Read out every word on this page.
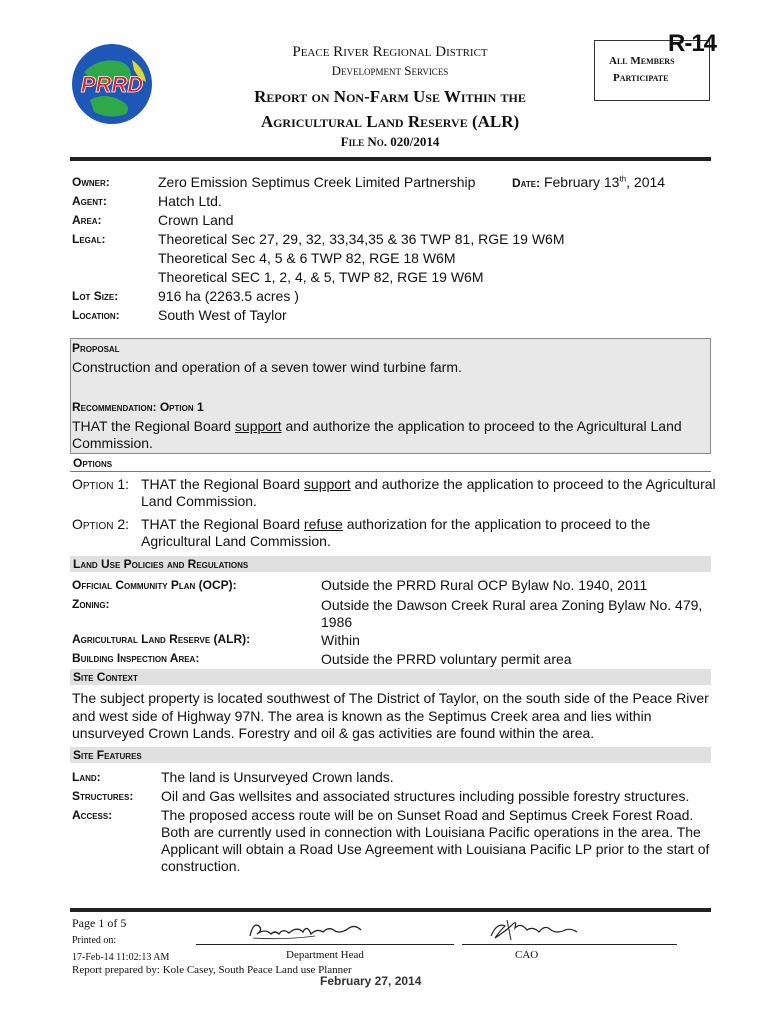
PRRD
Peace River Regional District
Development Services
Report on Non-Farm Use Within the
Agricultural Land Reserve (ALR)
File No. 020/2014
All Members
Participate
R-14
Owner:	Zero Emission Septimus Creek Limited Partnership	Date: February 13th, 2014
Agent:	Hatch Ltd.
Area:	Crown Land
Legal:	Theoretical Sec 27, 29, 32, 33,34,35 & 36 TWP 81, RGE 19 W6M
Theoretical Sec 4, 5 & 6 TWP 82, RGE 18 W6M
Theoretical SEC 1, 2, 4, & 5, TWP 82, RGE 19 W6M
Lot Size:	916 ha (2263.5 acres )
Location:	South West of Taylor
Proposal
Construction and operation of a seven tower wind turbine farm.
Recommendation: Option 1
THAT the Regional Board support and authorize the application to proceed to the Agricultural Land
Commission.
Options
Option 1: THAT the Regional Board support and authorize the application to proceed to the Agricultural
Land Commission.
Option 2: THAT the Regional Board refuse authorization for the application to proceed to the
Agricultural Land Commission.
Land Use Policies and Regulations
Official Community Plan (OCP):	Outside the PRRD Rural OCP Bylaw No. 1940, 2011
Zoning:	Outside the Dawson Creek Rural area Zoning Bylaw No. 479,
1986
Agricultural Land Reserve (ALR):	Within
Building Inspection Area:	Outside the PRRD voluntary permit area
Site Context
The subject property is located southwest of The District of Taylor, on the south side of the Peace River
and west side of Highway 97N. The area is known as the Septimus Creek area and lies within
unsurveyed Crown Lands. Forestry and oil & gas activities are found within the area.
Site Features
Land:	The land is Unsurveyed Crown lands.
Structures: Oil and Gas wellsites and associated structures including possible forestry structures.
Access:	The proposed access route will be on Sunset Road and Septimus Creek Forest Road.
Both are currently used in connection with Louisiana Pacific operations in the area. The
Applicant will obtain a Road Use Agreement with Louisiana Pacific LP prior to the start of
construction.
Page 1 of 5
Printed on:
17-Feb-14 11:02:13 AM	Department Head	CAO
Report prepared by: Kole Casey, South Peace Land use Planner
February 27, 2014
